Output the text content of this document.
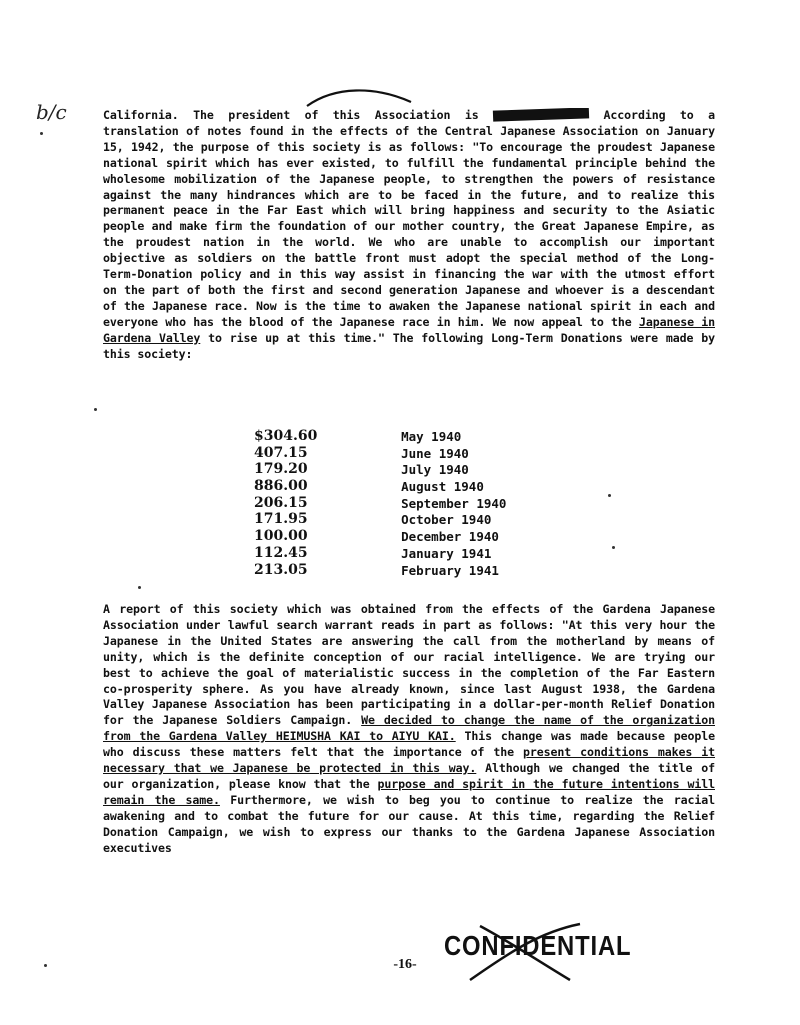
b/c	California. The president of this Association is	According to a translation of notes found in the effects of the Central Japanese Association on January 15, 1942, the purpose of this society is as follows: "To encourage the proudest Japanese national spirit which has ever existed, to fulfill the fundamental principle behind the wholesome mobilization of the Japanese people, to strengthen the powers of resistance against the many hindrances which are to be faced in the future, and to realize this permanent peace in the Far East which will bring happiness and security to the Asiatic people and make firm the foundation of our mother country, the Great Japanese Empire, as the proudest nation in the world. We who are unable to accomplish our important objective as soldiers on the battle front must adopt the special method of the Long-Term-Donation policy and in this way assist in financing the war with the utmost effort on the part of both the first and second generation Japanese and whoever is a descendant of the Japanese race. Now is the time to awaken the Japanese national spirit in each and everyone who has the blood of the Japanese race in him. We now appeal to the Japanese in Gardena Valley to rise up at this time." The following Long-Term Donations were made by this society:
$304.60	May 1940
407.15	June 1940
179.20	July 1940
886.00	August 1940
206.15	September 1940
171.95	October 1940
100.00	December 1940
112.45	January 1941
213.05	February 1941
A report of this society which was obtained from the effects of the Gardena Japanese Association under lawful search warrant reads in part as follows: "At this very hour the Japanese in the United States are answering the call from the motherland by means of unity, which is the definite conception of our racial intelligence. We are trying our best to achieve the goal of materialistic success in the completion of the Far Eastern co-prosperity sphere. As you have already known, since last August 1938, the Gardena Valley Japanese Association has been participating in a dollar-per-month Relief Donation for the Japanese Soldiers Campaign. We decided to change the name of the organization from the Gardena Valley HEIMUSHA KAI to AIYU KAI. This change was made because people who discuss these matters felt that the importance of the present conditions makes it necessary that we Japanese be protected in this way. Although we changed the title of our organization, please know that the purpose and spirit in the future intentions will remain the same. Furthermore, we wish to beg you to continue to realize the racial awakening and to combat the future for our cause. At this time, regarding the Relief Donation Campaign, we wish to express our thanks to the Gardena Japanese Association executives
CONFIDENTIAL
-16-
